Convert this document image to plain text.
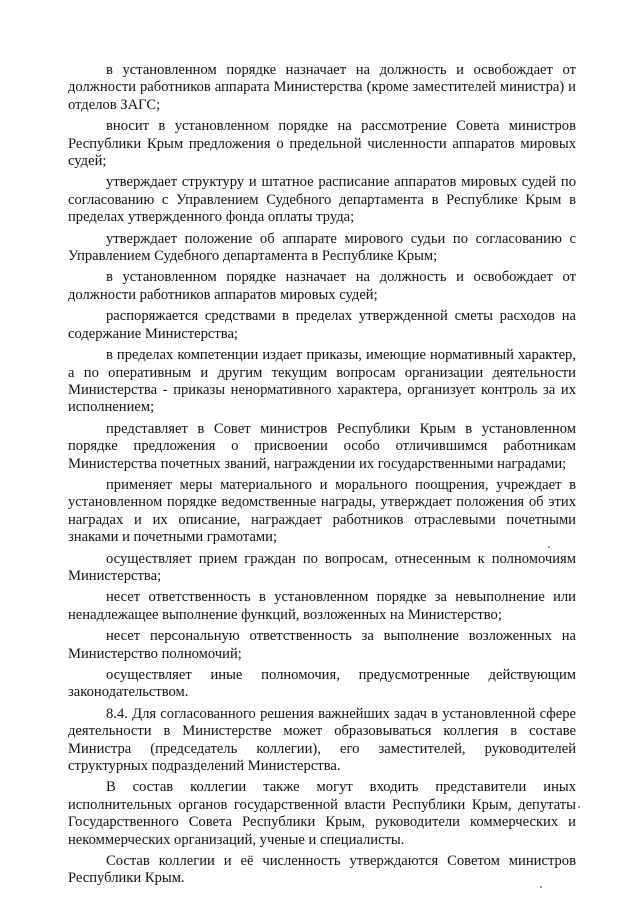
в установленном порядке назначает на должность и освобождает от должности работников аппарата Министерства (кроме заместителей министра) и отделов ЗАГС;

вносит в установленном порядке на рассмотрение Совета министров Республики Крым предложения о предельной численности аппаратов мировых судей;

утверждает структуру и штатное расписание аппаратов мировых судей по согласованию с Управлением Судебного департамента в Республике Крым в пределах утвержденного фонда оплаты труда;

утверждает положение об аппарате мирового судьи по согласованию с Управлением Судебного департамента в Республике Крым;

в установленном порядке назначает на должность и освобождает от должности работников аппаратов мировых судей;

распоряжается средствами в пределах утвержденной сметы расходов на содержание Министерства;

в пределах компетенции издает приказы, имеющие нормативный характер, а по оперативным и другим текущим вопросам организации деятельности Министерства - приказы ненормативного характера, организует контроль за их исполнением;

представляет в Совет министров Республики Крым в установленном порядке предложения о присвоении особо отличившимся работникам Министерства почетных званий, награждении их государственными наградами;

применяет меры материального и морального поощрения, учреждает в установленном порядке ведомственные награды, утверждает положения об этих наградах и их описание, награждает работников отраслевыми почетными знаками и почетными грамотами;

осуществляет прием граждан по вопросам, отнесенным к полномочиям Министерства;

несет ответственность в установленном порядке за невыполнение или ненадлежащее выполнение функций, возложенных на Министерство;

несет персональную ответственность за выполнение возложенных на Министерство полномочий;

осуществляет иные полномочия, предусмотренные действующим законодательством.

8.4. Для согласованного решения важнейших задач в установленной сфере деятельности в Министерстве может образовываться коллегия в составе Министра (председатель коллегии), его заместителей, руководителей структурных подразделений Министерства.

В состав коллегии также могут входить представители иных исполнительных органов государственной власти Республики Крым, депутаты Государственного Совета Республики Крым, руководители коммерческих и некоммерческих организаций, ученые и специалисты.

Состав коллегии и её численность утверждаются Советом министров Республики Крым.
